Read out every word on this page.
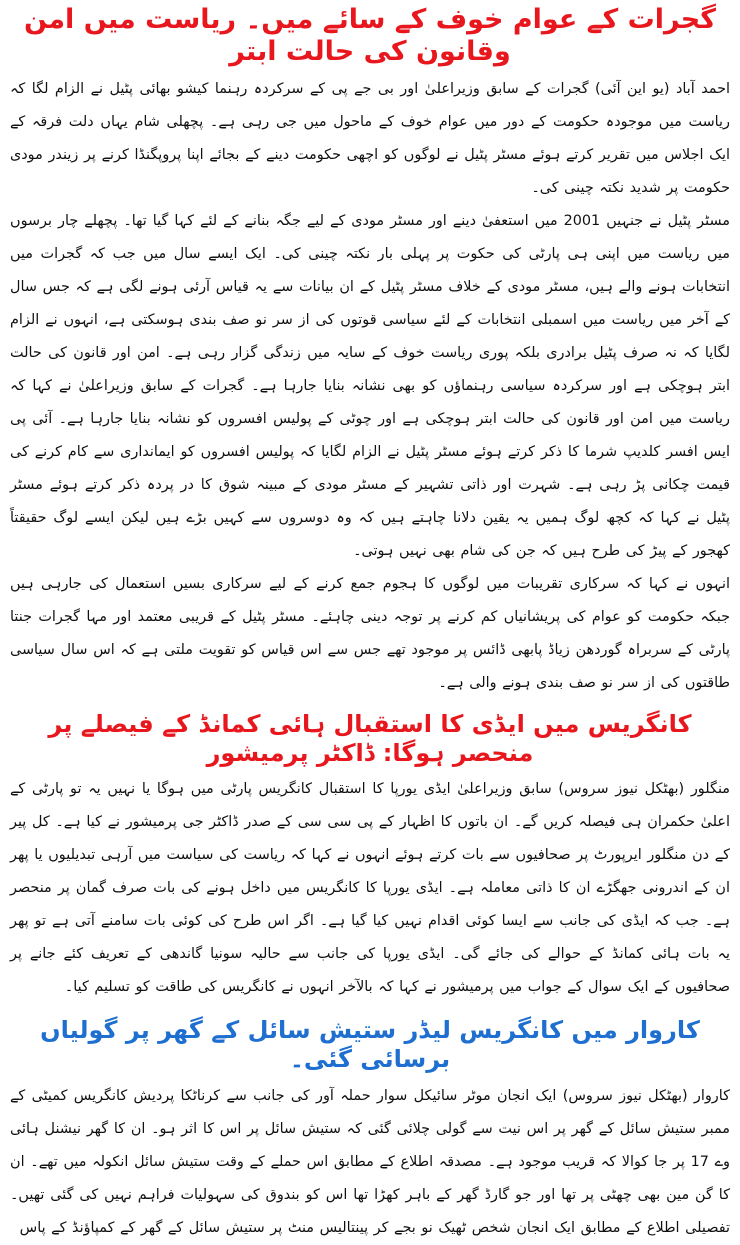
گجرات کے عوام خوف کے سائے میں۔ ریاست میں امن وقانون کی حالت ابتر

احمد آباد (یو این آئی) گجرات کے سابق وزیراعلیٰ اور بی جے پی کے سرکردہ رہنما کیشو بھائی پٹیل نے الزام لگا کہ ریاست میں موجودہ حکومت کے دور میں عوام خوف کے ماحول میں جی رہی ہے۔ پچھلی شام یہاں دلت فرقہ کے ایک اجلاس میں تقریر کرتے ہوئے مسٹر پٹیل نے لوگوں کو اچھی حکومت دینے کے بجائے اپنا پروپگنڈا کرنے پر زیندر مودی حکومت پر شدید نکتہ چینی کی۔

مسٹر پٹیل نے جنہیں 2001 میں استعفیٰ دینے اور مسٹر مودی کے لیے جگہ بنانے کے لئے کہا گیا تھا۔ پچھلے چار برسوں میں ریاست میں اپنی ہی پارٹی کی حکوت پر پہلی بار نکتہ چینی کی۔ ایک ایسے سال میں جب کہ گجرات میں انتخابات ہونے والے ہیں، مسٹر مودی کے خلاف مسٹر پٹیل کے ان بیانات سے یہ قیاس آرئی ہونے لگی ہے کہ جس سال کے آخر میں ریاست میں اسمبلی انتخابات کے لئے سیاسی قوتوں کی از سر نو صف بندی ہوسکتی ہے، انہوں نے الزام لگایا کہ نہ صرف پٹیل برادری بلکہ پوری ریاست خوف کے سایہ میں زندگی گزار رہی ہے۔ امن اور قانون کی حالت ابتر ہوچکی ہے اور سرکردہ سیاسی رہنماؤں کو بھی نشانہ بنایا جارہا ہے۔ گجرات کے سابق وزیراعلیٰ نے کہا کہ ریاست میں امن اور قانون کی حالت ابتر ہوچکی ہے اور چوٹی کے پولیس افسروں کو نشانہ بنایا جارہا ہے۔ آئی پی ایس افسر کلدیپ شرما کا ذکر کرتے ہوئے مسٹر پٹیل نے الزام لگایا کہ پولیس افسروں کو ایمانداری سے کام کرنے کی قیمت چکانی پڑ رہی ہے۔ شہرت اور ذاتی تشہیر کے مسٹر مودی کے مبینہ شوق کا در پردہ ذکر کرتے ہوئے مسٹر پٹیل نے کہا کہ کچھ لوگ ہمیں یہ یقین دلانا چاہتے ہیں کہ وہ دوسروں سے کہیں بڑے ہیں لیکن ایسے لوگ حقیقتاً کھجور کے پیڑ کی طرح ہیں کہ جن کی شام بھی نہیں ہوتی۔

انہوں نے کہا کہ سرکاری تقریبات میں لوگوں کا ہجوم جمع کرنے کے لیے سرکاری بسیں استعمال کی جارہی ہیں جبکہ حکومت کو عوام کی پریشانیاں کم کرنے پر توجہ دینی چاہئے۔ مسٹر پٹیل کے قریبی معتمد اور مہا گجرات جنتا پارٹی کے سربراہ گوردھن زیاڈ پابھی ڈائس پر موجود تھے جس سے اس قیاس کو تقویت ملتی ہے کہ اس سال سیاسی طاقتوں کی از سر نو صف بندی ہونے والی ہے۔

کانگریس میں ایڈی کا استقبال ہائی کمانڈ کے فیصلے پر منحصر ہوگا: ڈاکٹر پرمیشور

منگلور (بھٹکل نیوز سروس) سابق وزیراعلیٰ ایڈی یورپا کا استقبال کانگریس پارٹی میں ہوگا یا نہیں یہ تو پارٹی کے اعلیٰ حکمران ہی فیصلہ کریں گے۔ ان باتوں کا اظہار کے پی سی سی کے صدر ڈاکٹر جی پرمیشور نے کیا ہے۔ کل پیر کے دن منگلور ایرپورٹ پر صحافیوں سے بات کرتے ہوئے انہوں نے کہا کہ ریاست کی سیاست میں آرہی تبدیلیوں یا پھر ان کے اندرونی جھگڑے ان کا ذاتی معاملہ ہے۔ ایڈی یورپا کا کانگریس میں داخل ہونے کی بات صرف گمان پر منحصر ہے۔ جب کہ ایڈی کی جانب سے ایسا کوئی اقدام نہیں کیا گیا ہے۔ اگر اس طرح کی کوئی بات سامنے آتی ہے تو پھر یہ بات ہائی کمانڈ کے حوالے کی جائے گی۔ ایڈی یورپا کی جانب سے حالیہ سونیا گاندھی کے تعریف کئے جانے پر صحافیوں کے ایک سوال کے جواب میں پرمیشور نے کہا کہ بالآخر انہوں نے کانگریس کی طاقت کو تسلیم کیا۔

کاروار میں کانگریس لیڈر ستیش سائل کے گھر پر گولیاں برسائی گئی۔

کاروار (بھٹکل نیوز سروس) ایک انجان موٹر سائیکل سوار حملہ آور کی جانب سے کرناٹکا پردیش کانگریس کمیٹی کے ممبر ستیش سائل کے گھر پر اس نیت سے گولی چلائی گئی کہ ستیش سائل پر اس کا اثر ہو۔ ان کا گھر نیشنل ہائی وے 17 پر جا کوالا کہ قریب موجود ہے۔ مصدقہ اطلاع کے مطابق اس حملے کے وقت ستیش سائل انکولہ میں تھے۔ ان کا گن مین بھی چھٹی پر تھا اور جو گارڈ گھر کے باہر کھڑا تھا اس کو بندوق کی سہولیات فراہم نہیں کی گئی تھیں۔ تفصیلی اطلاع کے مطابق ایک انجان شخص ٹھیک نو بجے کر پینتالیس منٹ پر ستیش سائل کے گھر کے کمپاؤنڈ کے پاس
